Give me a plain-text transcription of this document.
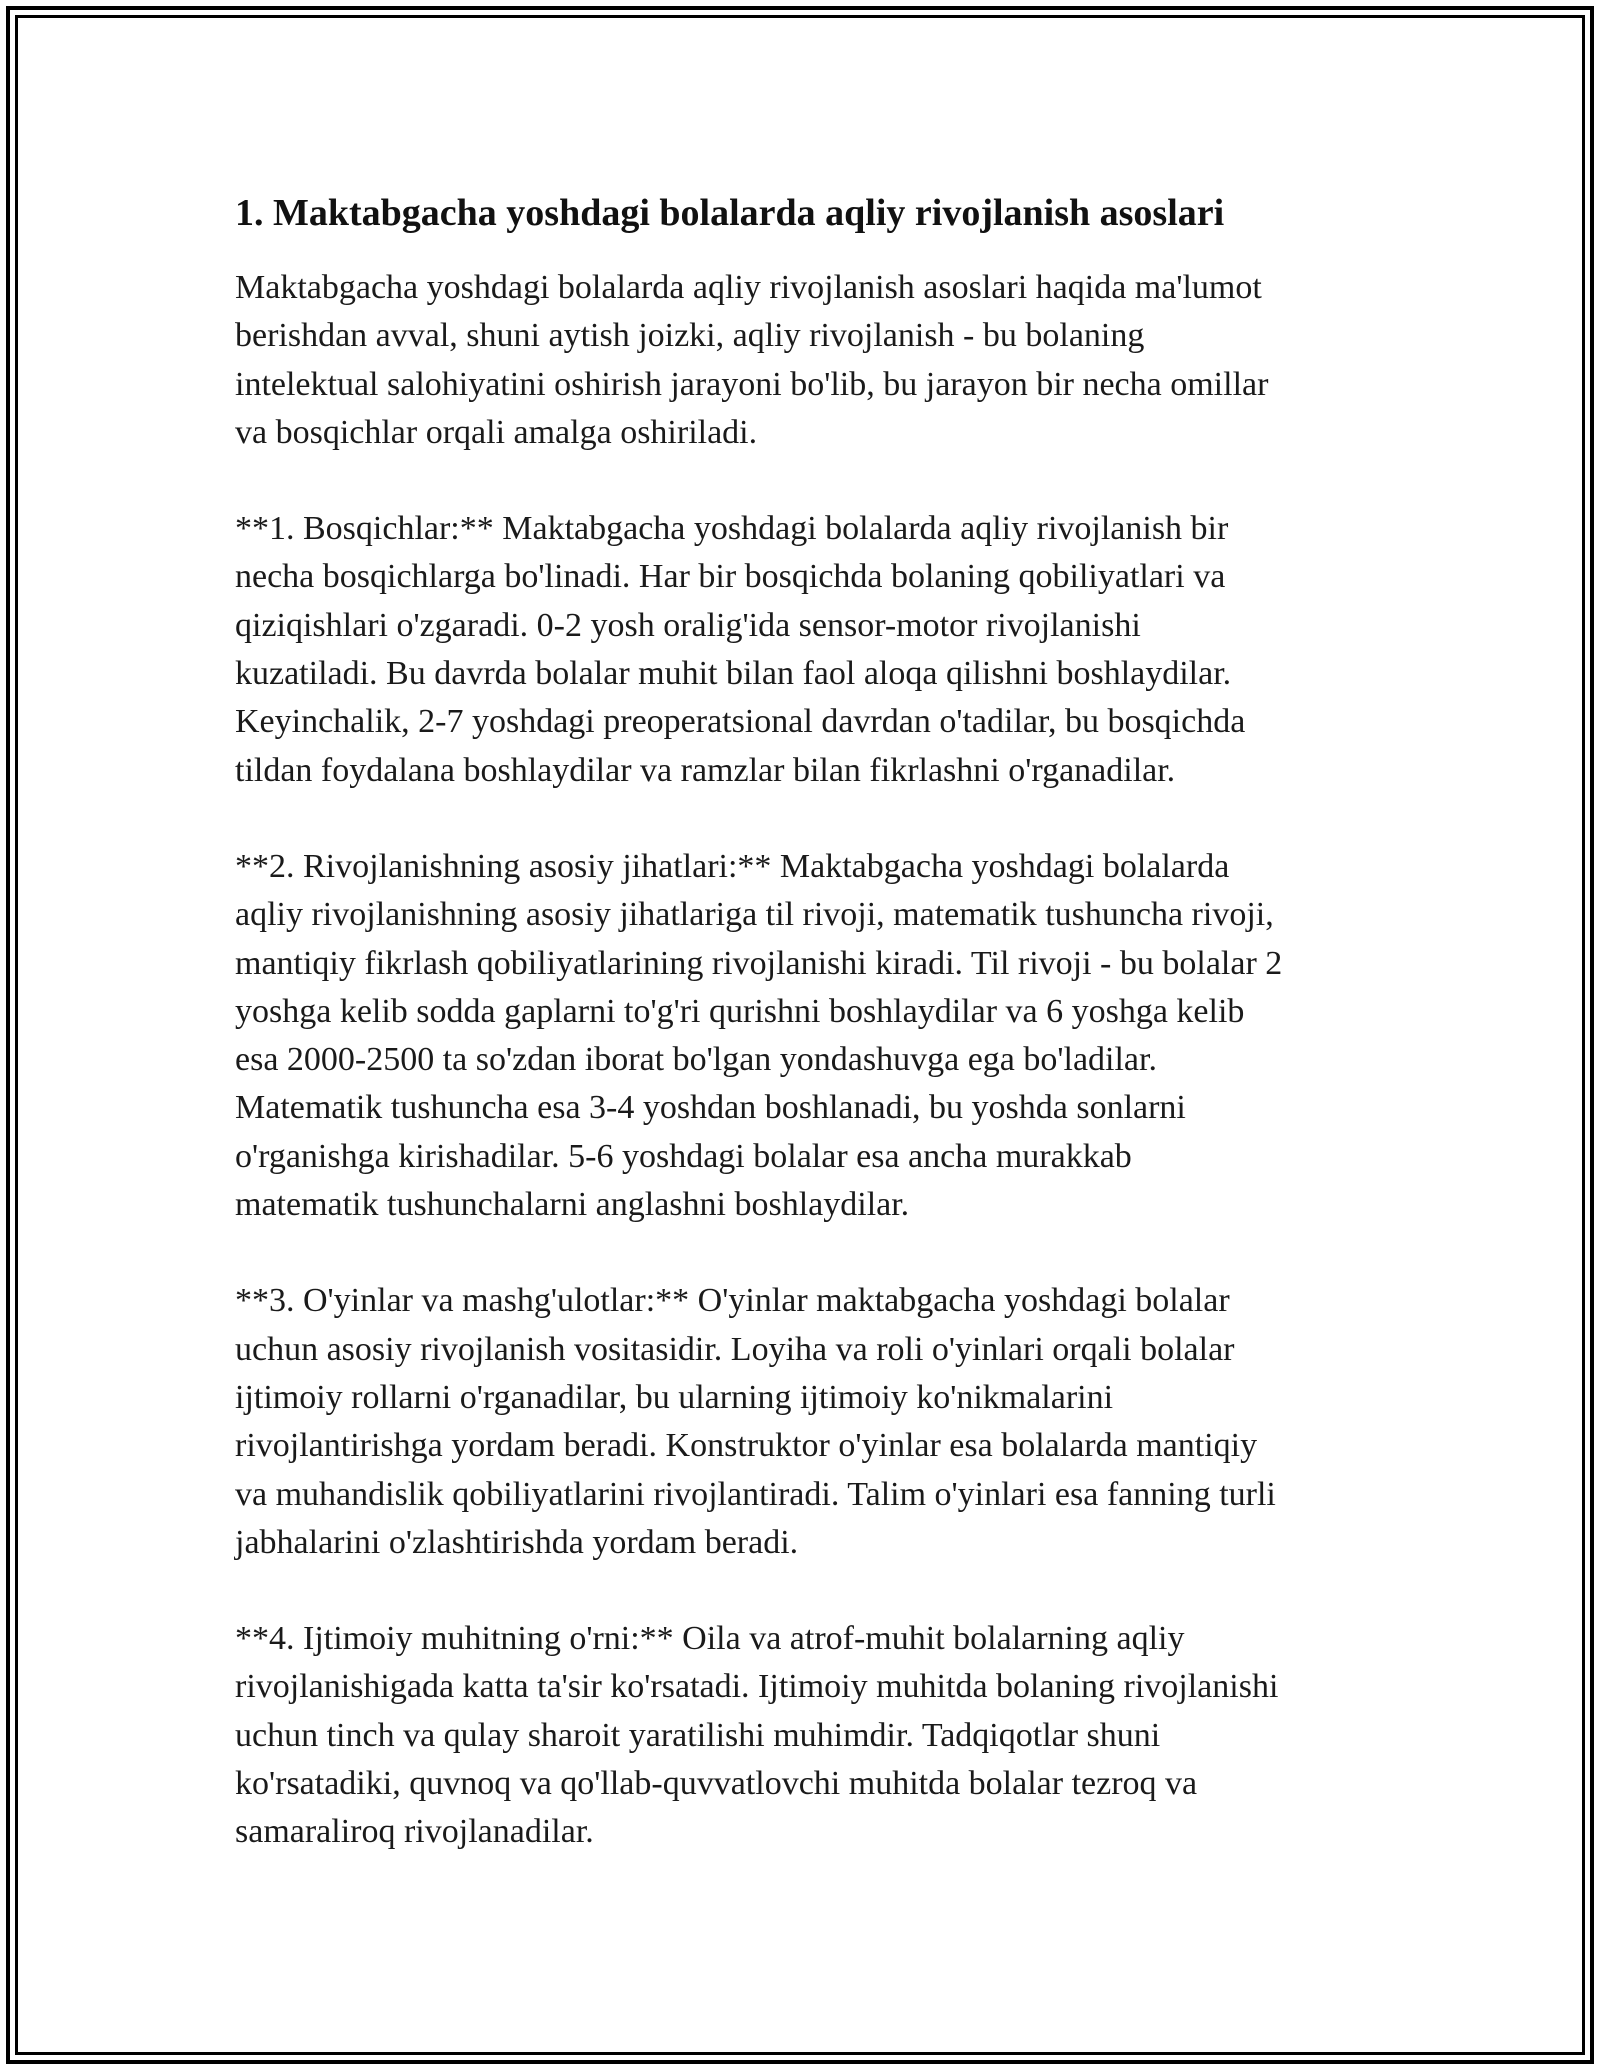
1. Maktabgacha yoshdagi bolalarda aqliy rivojlanish asoslari

Maktabgacha yoshdagi bolalarda aqliy rivojlanish asoslari haqida ma'lumot
berishdan avval, shuni aytish joizki, aqliy rivojlanish - bu bolaning
intelektual salohiyatini oshirish jarayoni bo'lib, bu jarayon bir necha omillar
va bosqichlar orqali amalga oshiriladi.

**1. Bosqichlar:** Maktabgacha yoshdagi bolalarda aqliy rivojlanish bir
necha bosqichlarga bo'linadi. Har bir bosqichda bolaning qobiliyatlari va
qiziqishlari o'zgaradi. 0-2 yosh oralig'ida sensor-motor rivojlanishi
kuzatiladi. Bu davrda bolalar muhit bilan faol aloqa qilishni boshlaydilar.
Keyinchalik, 2-7 yoshdagi preoperatsional davrdan o'tadilar, bu bosqichda
tildan foydalana boshlaydilar va ramzlar bilan fikrlashni o'rganadilar.

**2. Rivojlanishning asosiy jihatlari:** Maktabgacha yoshdagi bolalarda
aqliy rivojlanishning asosiy jihatlariga til rivoji, matematik tushuncha rivoji,
mantiqiy fikrlash qobiliyatlarining rivojlanishi kiradi. Til rivoji - bu bolalar 2
yoshga kelib sodda gaplarni to'g'ri qurishni boshlaydilar va 6 yoshga kelib
esa 2000-2500 ta so'zdan iborat bo'lgan yondashuvga ega bo'ladilar.
Matematik tushuncha esa 3-4 yoshdan boshlanadi, bu yoshda sonlarni
o'rganishga kirishadilar. 5-6 yoshdagi bolalar esa ancha murakkab
matematik tushunchalarni anglashni boshlaydilar.

**3. O'yinlar va mashg'ulotlar:** O'yinlar maktabgacha yoshdagi bolalar
uchun asosiy rivojlanish vositasidir. Loyiha va roli o'yinlari orqali bolalar
ijtimoiy rollarni o'rganadilar, bu ularning ijtimoiy ko'nikmalarini
rivojlantirishga yordam beradi. Konstruktor o'yinlar esa bolalarda mantiqiy
va muhandislik qobiliyatlarini rivojlantiradi. Talim o'yinlari esa fanning turli
jabhalarini o'zlashtirishda yordam beradi.

**4. Ijtimoiy muhitning o'rni:** Oila va atrof-muhit bolalarning aqliy
rivojlanishigada katta ta'sir ko'rsatadi. Ijtimoiy muhitda bolaning rivojlanishi
uchun tinch va qulay sharoit yaratilishi muhimdir. Tadqiqotlar shuni
ko'rsatadiki, quvnoq va qo'llab-quvvatlovchi muhitda bolalar tezroq va
samaraliroq rivojlanadilar.
